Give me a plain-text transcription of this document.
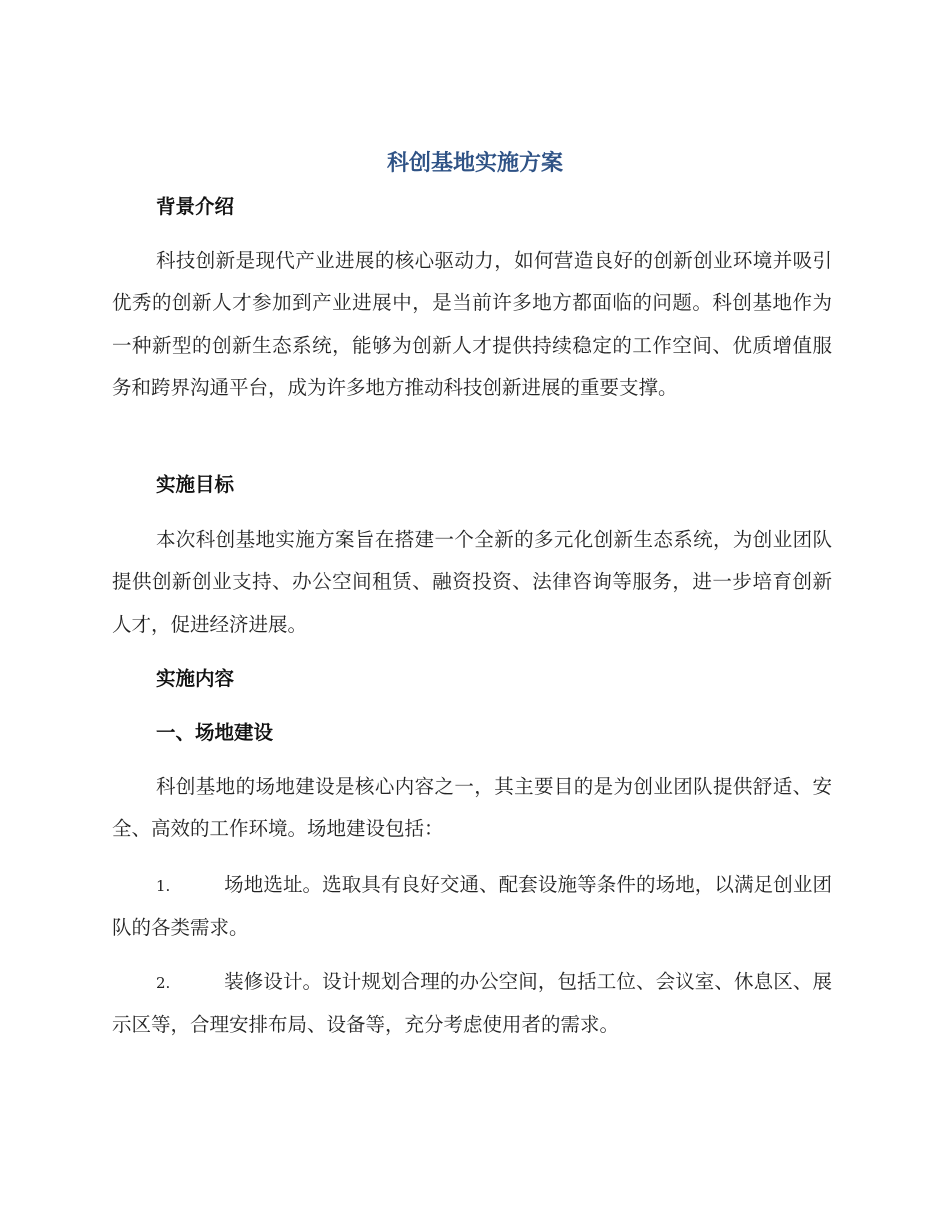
科创基地实施方案
背景介绍

科技创新是现代产业进展的核心驱动力，如何营造良好的创新创业环境并吸引优秀的创新人才参加到产业进展中，是当前许多地方都面临的问题。科创基地作为一种新型的创新生态系统，能够为创新人才提供持续稳定的工作空间、优质增值服务和跨界沟通平台，成为许多地方推动科技创新进展的重要支撑。

实施目标

本次科创基地实施方案旨在搭建一个全新的多元化创新生态系统，为创业团队提供创新创业支持、办公空间租赁、融资投资、法律咨询等服务，进一步培育创新人才，促进经济进展。

实施内容
一、场地建设

科创基地的场地建设是核心内容之一，其主要目的是为创业团队提供舒适、安全、高效的工作环境。场地建设包括：

1.	场地选址。选取具有良好交通、配套设施等条件的场地，以满足创业团队的各类需求。

2.	装修设计。设计规划合理的办公空间，包括工位、会议室、休息区、展示区等，合理安排布局、设备等，充分考虑使用者的需求。
